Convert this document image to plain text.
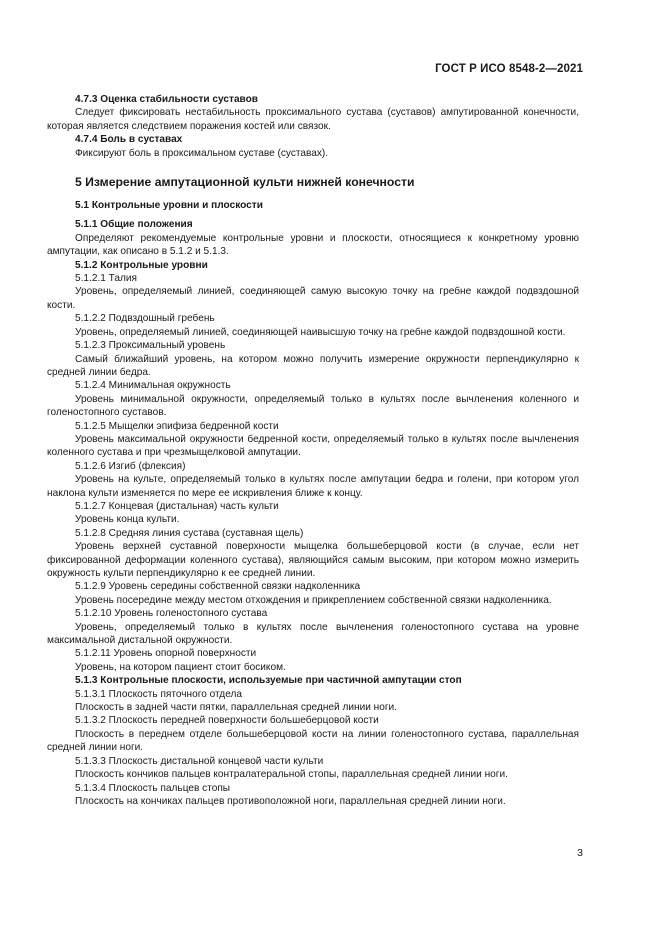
ГОСТ Р ИСО 8548-2—2021

4.7.3 Оценка стабильности суставов

Следует фиксировать нестабильность проксимального сустава (суставов) ампутированной конечности, которая является следствием поражения костей или связок.

4.7.4 Боль в суставах

Фиксируют боль в проксимальном суставе (суставах).

5 Измерение ампутационной культи нижней конечности

5.1 Контрольные уровни и плоскости

5.1.1 Общие положения

Определяют рекомендуемые контрольные уровни и плоскости, относящиеся к конкретному уровню ампутации, как описано в 5.1.2 и 5.1.3.

5.1.2 Контрольные уровни

5.1.2.1 Талия

Уровень, определяемый линией, соединяющей самую высокую точку на гребне каждой подвздошной кости.

5.1.2.2 Подвздошный гребень

Уровень, определяемый линией, соединяющей наивысшую точку на гребне каждой подвздошной кости.

5.1.2.3 Проксимальный уровень

Самый ближайший уровень, на котором можно получить измерение окружности перпендикулярно к средней линии бедра.

5.1.2.4 Минимальная окружность

Уровень минимальной окружности, определяемый только в культях после вычленения коленного и голеностопного суставов.

5.1.2.5 Мыщелки эпифиза бедренной кости

Уровень максимальной окружности бедренной кости, определяемый только в культях после вычленения коленного сустава и при чрезмыщелковой ампутации.

5.1.2.6 Изгиб (флексия)

Уровень на культе, определяемый только в культях после ампутации бедра и голени, при котором угол наклона культи изменяется по мере ее искривления ближе к концу.

5.1.2.7 Концевая (дистальная) часть культи

Уровень конца культи.

5.1.2.8 Средняя линия сустава (суставная щель)

Уровень верхней суставной поверхности мыщелка большеберцовой кости (в случае, если нет фиксированной деформации коленного сустава), являющийся самым высоким, при котором можно измерить окружность культи перпендикулярно к ее средней линии.

5.1.2.9 Уровень середины собственной связки надколенника

Уровень посередине между местом отхождения и прикреплением собственной связки надколенника.

5.1.2.10 Уровень голеностопного сустава

Уровень, определяемый только в культях после вычленения голеностопного сустава на уровне максимальной дистальной окружности.

5.1.2.11 Уровень опорной поверхности

Уровень, на котором пациент стоит босиком.

5.1.3 Контрольные плоскости, используемые при частичной ампутации стоп

5.1.3.1 Плоскость пяточного отдела

Плоскость в задней части пятки, параллельная средней линии ноги.

5.1.3.2 Плоскость передней поверхности большеберцовой кости

Плоскость в переднем отделе большеберцовой кости на линии голеностопного сустава, параллельная средней линии ноги.

5.1.3.3 Плоскость дистальной концевой части культи

Плоскость кончиков пальцев контралатеральной стопы, параллельная средней линии ноги.

5.1.3.4 Плоскость пальцев стопы

Плоскость на кончиках пальцев противоположной ноги, параллельная средней линии ноги.

3
